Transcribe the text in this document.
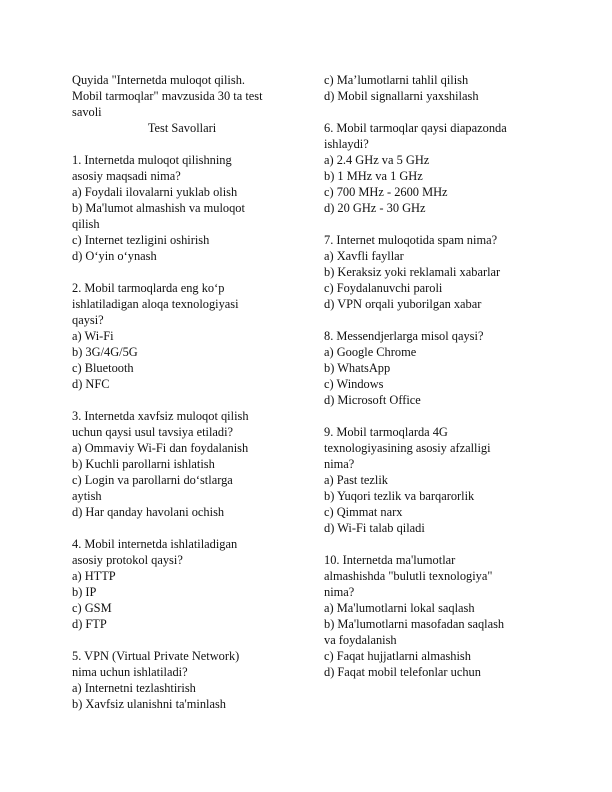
Quyida "Internetda muloqot qilish.
Mobil tarmoqlar" mavzusida 30 ta test
savoli
Test Savollari
1. Internetda muloqot qilishning
asosiy maqsadi nima?
a) Foydali ilovalarni yuklab olish
b) Ma'lumot almashish va muloqot
qilish
c) Internet tezligini oshirish
d) O‘yin o‘ynash
2. Mobil tarmoqlarda eng ko‘p
ishlatiladigan aloqa texnologiyasi
qaysi?
a) Wi-Fi
b) 3G/4G/5G
c) Bluetooth
d) NFC
3. Internetda xavfsiz muloqot qilish
uchun qaysi usul tavsiya etiladi?
a) Ommaviy Wi-Fi dan foydalanish
b) Kuchli parollarni ishlatish
c) Login va parollarni do‘stlarga
aytish
d) Har qanday havolani ochish
4. Mobil internetda ishlatiladigan
asosiy protokol qaysi?
a) HTTP
b) IP
c) GSM
d) FTP
5. VPN (Virtual Private Network)
nima uchun ishlatiladi?
a) Internetni tezlashtirish
b) Xavfsiz ulanishni ta'minlash
c) Ma’lumotlarni tahlil qilish
d) Mobil signallarni yaxshilash
6. Mobil tarmoqlar qaysi diapazonda
ishlaydi?
a) 2.4 GHz va 5 GHz
b) 1 MHz va 1 GHz
c) 700 MHz - 2600 MHz
d) 20 GHz - 30 GHz
7. Internet muloqotida spam nima?
a) Xavfli fayllar
b) Keraksiz yoki reklamali xabarlar
c) Foydalanuvchi paroli
d) VPN orqali yuborilgan xabar
8. Messendjerlarga misol qaysi?
a) Google Chrome
b) WhatsApp
c) Windows
d) Microsoft Office
9. Mobil tarmoqlarda 4G
texnologiyasining asosiy afzalligi
nima?
a) Past tezlik
b) Yuqori tezlik va barqarorlik
c) Qimmat narx
d) Wi-Fi talab qiladi
10. Internetda ma'lumotlar
almashishda "bulutli texnologiya"
nima?
a) Ma'lumotlarni lokal saqlash
b) Ma'lumotlarni masofadan saqlash
va foydalanish
c) Faqat hujjatlarni almashish
d) Faqat mobil telefonlar uchun
